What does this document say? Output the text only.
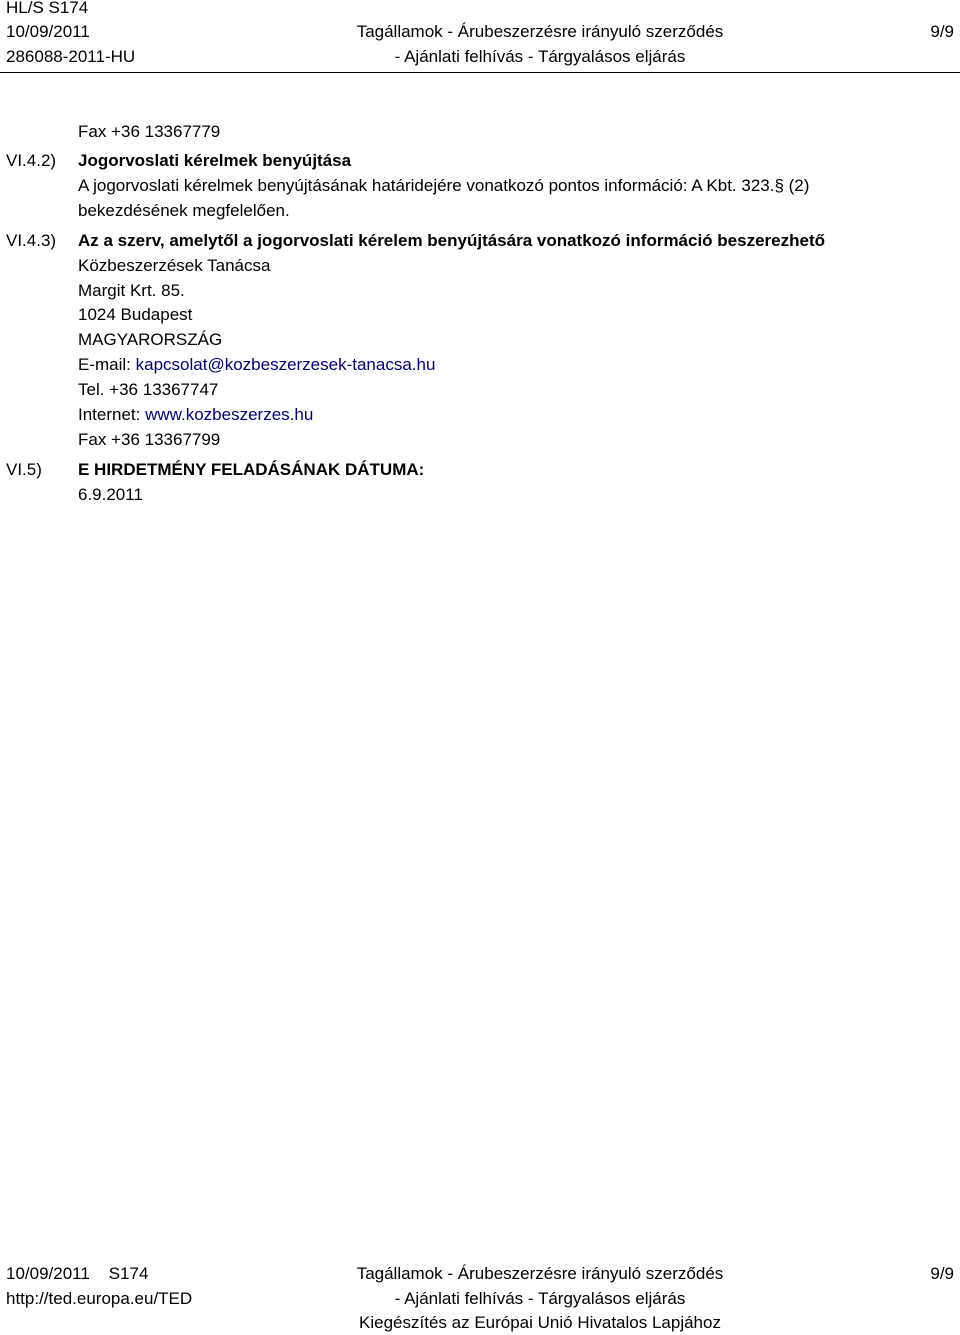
HL/S S174
10/09/2011
286088-2011-HU
Tagállamok - Árubeszerzésre irányuló szerződés
- Ajánlati felhívás - Tárgyalásos eljárás
9/9
Fax +36 13367779
VI.4.2) Jogorvoslati kérelmek benyújtása
A jogorvoslati kérelmek benyújtásának határidejére vonatkozó pontos információ: A Kbt. 323.§ (2)
bekezdésének megfelelően.
VI.4.3) Az a szerv, amelytől a jogorvoslati kérelem benyújtására vonatkozó információ beszerezhető
Közbeszerzések Tanácsa
Margit Krt. 85.
1024 Budapest
MAGYARORSZÁG
E-mail: kapcsolat@kozbeszerzesek-tanacsa.hu
Tel. +36 13367747
Internet: www.kozbeszerzes.hu
Fax +36 13367799
VI.5) E HIRDETMÉNY FELADÁSÁNAK DÁTUMA:
6.9.2011
10/09/2011    S174
http://ted.europa.eu/TED
Tagállamok - Árubeszerzésre irányuló szerződés
- Ajánlati felhívás - Tárgyalásos eljárás
Kiegészítés az Európai Unió Hivatalos Lapjához
9/9
